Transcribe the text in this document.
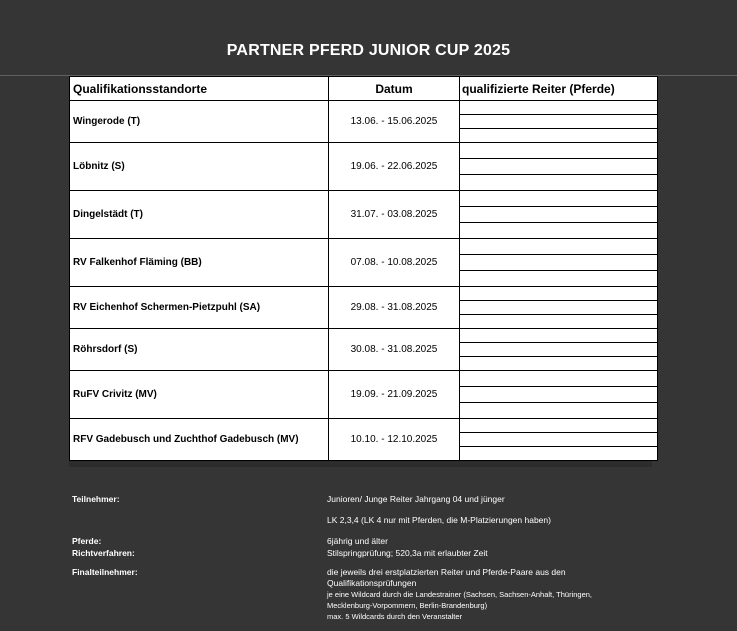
PARTNER PFERD JUNIOR CUP 2025
Qualifikationsstandorte	Datum	qualifizierte Reiter (Pferde)
Wingerode (T)	13.06. - 15.06.2025	

Löbnitz (S)	19.06. - 22.06.2025	

Dingelstädt (T)	31.07. - 03.08.2025	

RV Falkenhof Fläming (BB)	07.08. - 10.08.2025	

RV Eichenhof Schermen-Pietzpuhl (SA)	29.08. - 31.08.2025	

Röhrsdorf (S)	30.08. - 31.08.2025	

RuFV Crivitz (MV)	19.09. - 21.09.2025	

RFV Gadebusch und Zuchthof Gadebusch (MV)	10.10. - 12.10.2025	
Teilnehmer:	Junioren/ Junge Reiter Jahrgang 04 und jünger
LK 2,3,4 (LK 4 nur mit Pferden, die M-Platzierungen haben)
Pferde:	6jährig und älter
Richtverfahren:	Stilspringprüfung; 520,3a mit erlaubter Zeit
Finalteilnehmer:	die jeweils drei erstplatzierten Reiter und Pferde-Paare aus den
Qualifikationsprüfungen
je eine Wildcard durch die Landestrainer (Sachsen, Sachsen-Anhalt, Thüringen,
Mecklenburg-Vorpommern, Berlin-Brandenburg)
max. 5 Wildcards durch den Veranstalter
